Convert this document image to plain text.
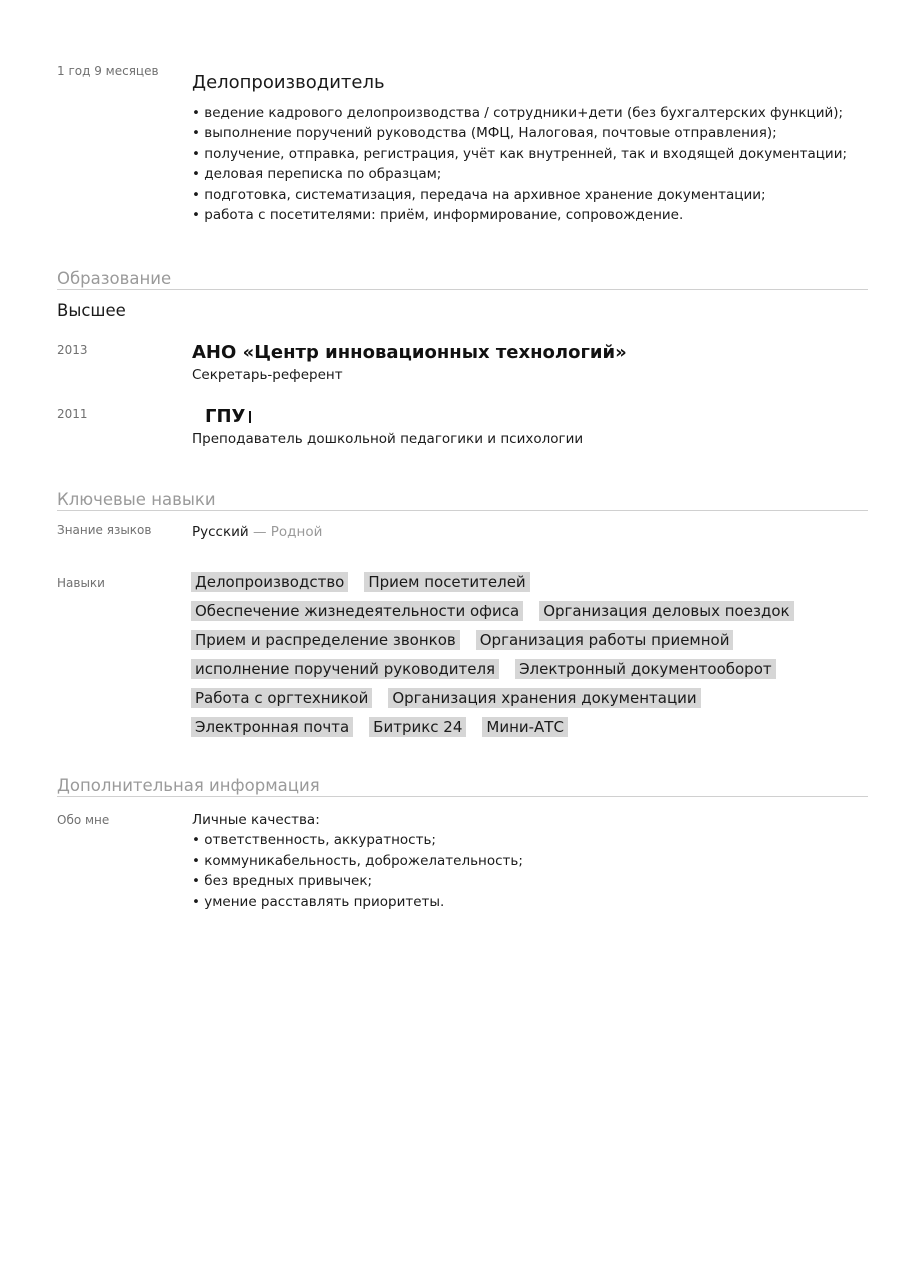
1 год 9 месяцев
Делопроизводитель
• ведение кадрового делопроизводства / сотрудники+дети (без бухгалтерских функций);
• выполнение поручений руководства (МФЦ, Налоговая, почтовые отправления);
• получение, отправка, регистрация, учёт как внутренней, так и входящей документации;
• деловая переписка по образцам;
• подготовка, систематизация, передача на архивное хранение документации;
• работа с посетителями: приём, информирование, сопровождение.
Образование
Высшее
2013	АНО «Центр инновационных технологий»
Секретарь-референт
2011	ГПУ
Преподаватель дошкольной педагогики и психологии
Ключевые навыки
Знание языков	Русский — Родной
Навыки	Делопроизводство Прием посетителей
Обеспечение жизнедеятельности офиса Организация деловых поездок
Прием и распределение звонков Организация работы приемной
исполнение поручений руководителя Электронный документооборот
Работа с оргтехникой Организация хранения документации
Электронная почта Битрикс 24 Мини-АТС
Дополнительная информация
Обо мне	Личные качества:
• ответственность, аккуратность;
• коммуникабельность, доброжелательность;
• без вредных привычек;
• умение расставлять приоритеты.
